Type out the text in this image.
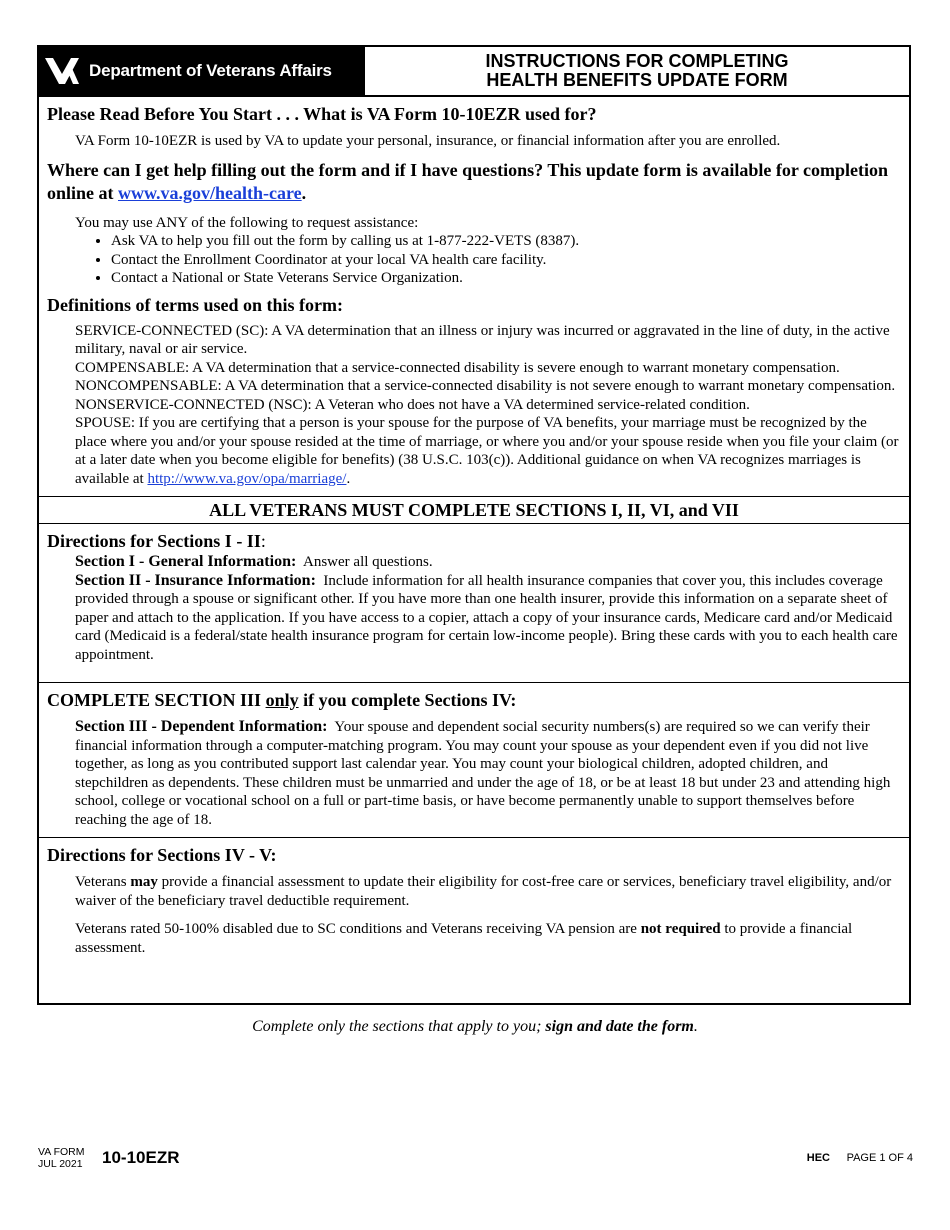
Department of Veterans Affairs	INSTRUCTIONS FOR COMPLETING
HEALTH BENEFITS UPDATE FORM
Please Read Before You Start . . . What is VA Form 10-10EZR used for?

VA Form 10-10EZR is used by VA to update your personal, insurance, or financial information after you are enrolled.

Where can I get help filling out the form and if I have questions? This update form is available for completion online at www.va.gov/health-care.

You may use ANY of the following to request assistance:

• Ask VA to help you fill out the form by calling us at 1-877-222-VETS (8387).
• Contact the Enrollment Coordinator at your local VA health care facility.
• Contact a National or State Veterans Service Organization.
Definitions of terms used on this form:

SERVICE-CONNECTED (SC): A VA determination that an illness or injury was incurred or aggravated in the line of duty, in the active military, naval or air service.

COMPENSABLE: A VA determination that a service-connected disability is severe enough to warrant monetary compensation.

NONCOMPENSABLE: A VA determination that a service-connected disability is not severe enough to warrant monetary compensation.

NONSERVICE-CONNECTED (NSC): A Veteran who does not have a VA determined service-related condition.

SPOUSE: If you are certifying that a person is your spouse for the purpose of VA benefits, your marriage must be recognized by the place where you and/or your spouse resided at the time of marriage, or where you and/or your spouse reside when you file your claim (or at a later date when you become eligible for benefits) (38 U.S.C. 103(c)). Additional guidance on when VA recognizes marriages is available at http://www.va.gov/opa/marriage/.

ALL VETERANS MUST COMPLETE SECTIONS I, II, VI, and VII
Directions for Sections I - II:

Section I - General Information: Answer all questions.

Section II - Insurance Information: Include information for all health insurance companies that cover you, this includes coverage provided through a spouse or significant other. If you have more than one health insurer, provide this information on a separate sheet of paper and attach to the application. If you have access to a copier, attach a copy of your insurance cards, Medicare card and/or Medicaid card (Medicaid is a federal/state health insurance program for certain low-income people). Bring these cards with you to each health care appointment.

COMPLETE SECTION III only if you complete Sections IV:

Section III - Dependent Information: Your spouse and dependent social security numbers(s) are required so we can verify their financial information through a computer-matching program. You may count your spouse as your dependent even if you did not live together, as long as you contributed support last calendar year. You may count your biological children, adopted children, and stepchildren as dependents. These children must be unmarried and under the age of 18, or be at least 18 but under 23 and attending high school, college or vocational school on a full or part-time basis, or have become permanently unable to support themselves before reaching the age of 18.

Directions for Sections IV - V:

Veterans may provide a financial assessment to update their eligibility for cost-free care or services, beneficiary travel eligibility, and/or waiver of the beneficiary travel deductible requirement.

Veterans rated 50-100% disabled due to SC conditions and Veterans receiving VA pension are not required to provide a financial assessment.

Complete only the sections that apply to you; sign and date the form.
VA FORM
JUL 2021 10-10EZR	HEC PAGE 1 OF 4
